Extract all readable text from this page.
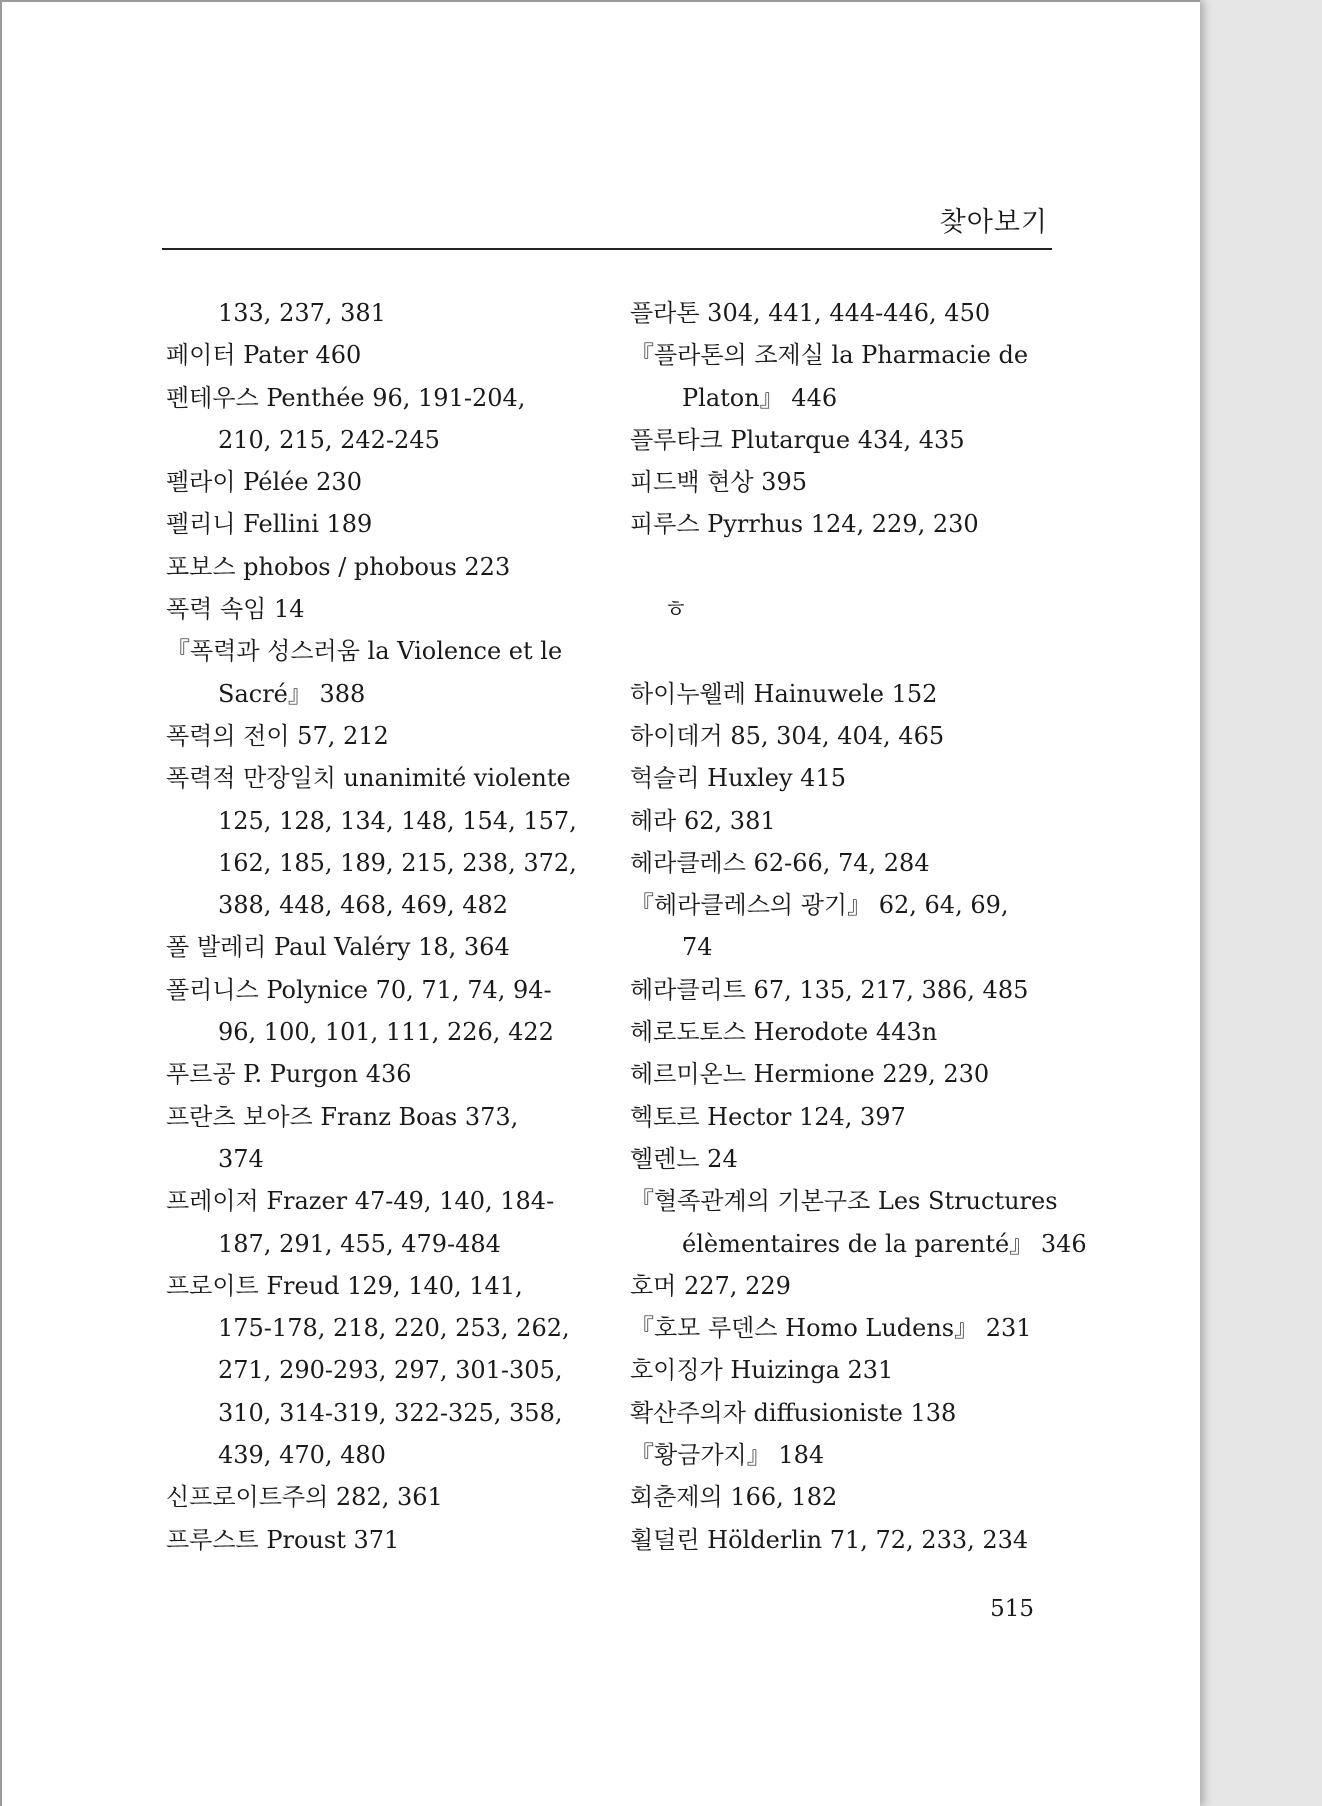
찾아보기
133, 237, 381
페이터 Pater 460
펜테우스 Penthée 96, 191-204,
210, 215, 242-245
펠라이 Pélée 230
펠리니 Fellini 189
포보스 phobos / phobous 223
폭력 속임 14
『폭력과 성스러움 la Violence et le
Sacré』 388
폭력의 전이 57, 212
폭력적 만장일치 unanimité violente
125, 128, 134, 148, 154, 157,
162, 185, 189, 215, 238, 372,
388, 448, 468, 469, 482
폴 발레리 Paul Valéry 18, 364
폴리니스 Polynice 70, 71, 74, 94-
96, 100, 101, 111, 226, 422
푸르공 P. Purgon 436
프란츠 보아즈 Franz Boas 373,
374
프레이저 Frazer 47-49, 140, 184-
187, 291, 455, 479-484
프로이트 Freud 129, 140, 141,
175-178, 218, 220, 253, 262,
271, 290-293, 297, 301-305,
310, 314-319, 322-325, 358,
439, 470, 480
신프로이트주의 282, 361
프루스트 Proust 371
플라톤 304, 441, 444-446, 450
『플라톤의 조제실 la Pharmacie de
Platon』 446
플루타크 Plutarque 434, 435
피드백 현상 395
피루스 Pyrrhus 124, 229, 230
ㅎ
하이누웰레 Hainuwele 152
하이데거 85, 304, 404, 465
헉슬리 Huxley 415
헤라 62, 381
헤라클레스 62-66, 74, 284
『헤라클레스의 광기』 62, 64, 69,
74
헤라클리트 67, 135, 217, 386, 485
헤로도토스 Herodote 443n
헤르미온느 Hermione 229, 230
헥토르 Hector 124, 397
헬렌느 24
『혈족관계의 기본구조 Les Structures
élèmentaires de la parenté』 346
호머 227, 229
『호모 루덴스 Homo Ludens』 231
호이징가 Huizinga 231
확산주의자 diffusioniste 138
『황금가지』 184
회춘제의 166, 182
횔덜린 Hölderlin 71, 72, 233, 234
515
